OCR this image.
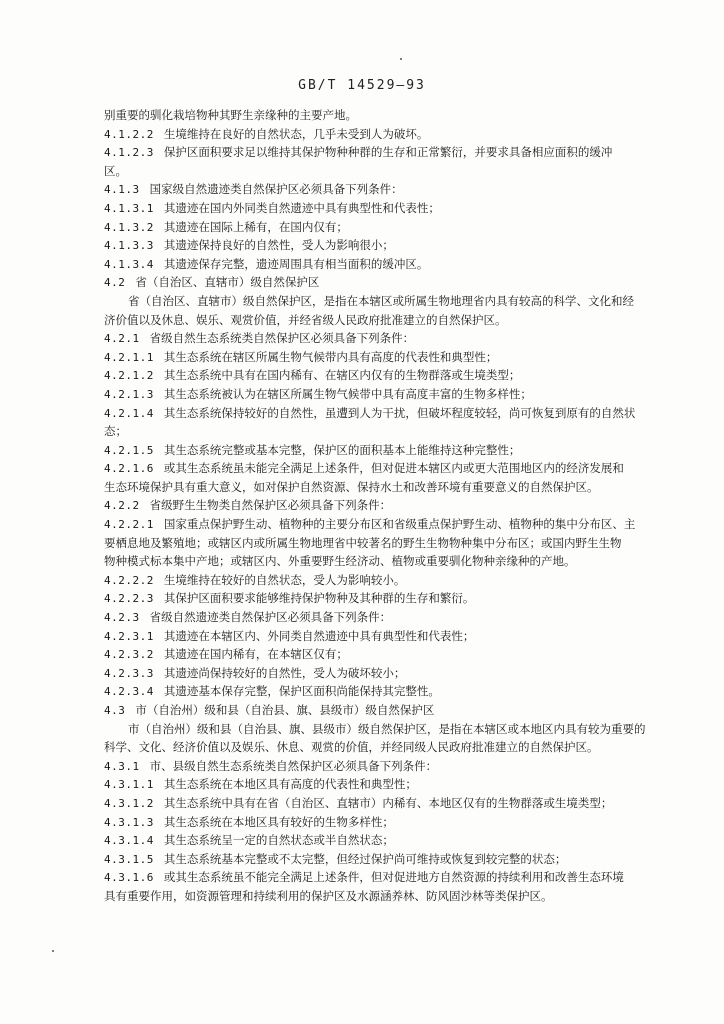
GB/T 14529—93
别重要的驯化栽培物种其野生亲缘种的主要产地。
4.1.2.2 生境维持在良好的自然状态，几乎未受到人为破坏。
4.1.2.3 保护区面积要求足以维持其保护物种种群的生存和正常繁衍，并要求具备相应面积的缓冲
区。
4.1.3 国家级自然遗迹类自然保护区必须具备下列条件：
4.1.3.1 其遗迹在国内外同类自然遗迹中具有典型性和代表性；
4.1.3.2 其遗迹在国际上稀有，在国内仅有；
4.1.3.3 其遗迹保持良好的自然性，受人为影响很小；
4.1.3.4 其遗迹保存完整，遗迹周围具有相当面积的缓冲区。
4.2 省（自治区、直辖市）级自然保护区
省（自治区、直辖市）级自然保护区，是指在本辖区或所属生物地理省内具有较高的科学、文化和经
济价值以及休息、娱乐、观赏价值，并经省级人民政府批准建立的自然保护区。
4.2.1 省级自然生态系统类自然保护区必须具备下列条件：
4.2.1.1 其生态系统在辖区所属生物气候带内具有高度的代表性和典型性；
4.2.1.2 其生态系统中具有在国内稀有、在辖区内仅有的生物群落或生境类型；
4.2.1.3 其生态系统被认为在辖区所属生物气候带中具有高度丰富的生物多样性；
4.2.1.4 其生态系统保持较好的自然性，虽遭到人为干扰，但破坏程度较轻，尚可恢复到原有的自然状
态；
4.2.1.5 其生态系统完整或基本完整，保护区的面积基本上能维持这种完整性；
4.2.1.6 或其生态系统虽未能完全满足上述条件，但对促进本辖区内或更大范围地区内的经济发展和
生态环境保护具有重大意义，如对保护自然资源、保持水土和改善环境有重要意义的自然保护区。
4.2.2 省级野生生物类自然保护区必须具备下列条件：
4.2.2.1 国家重点保护野生动、植物种的主要分布区和省级重点保护野生动、植物种的集中分布区、主
要栖息地及繁殖地；或辖区内或所属生物地理省中较著名的野生生物物种集中分布区；或国内野生生物
物种模式标本集中产地；或辖区内、外重要野生经济动、植物或重要驯化物种亲缘种的产地。
4.2.2.2 生境维持在较好的自然状态，受人为影响较小。
4.2.2.3 其保护区面积要求能够维持保护物种及其种群的生存和繁衍。
4.2.3 省级自然遗迹类自然保护区必须具备下列条件：
4.2.3.1 其遗迹在本辖区内、外同类自然遗迹中具有典型性和代表性；
4.2.3.2 其遗迹在国内稀有，在本辖区仅有；
4.2.3.3 其遗迹尚保持较好的自然性，受人为破坏较小；
4.2.3.4 其遗迹基本保存完整，保护区面积尚能保持其完整性。
4.3 市（自治州）级和县（自治县、旗、县级市）级自然保护区
市（自治州）级和县（自治县、旗、县级市）级自然保护区，是指在本辖区或本地区内具有较为重要的
科学、文化、经济价值以及娱乐、休息、观赏的价值，并经同级人民政府批准建立的自然保护区。
4.3.1 市、县级自然生态系统类自然保护区必须具备下列条件：
4.3.1.1 其生态系统在本地区具有高度的代表性和典型性；
4.3.1.2 其生态系统中具有在省（自治区、直辖市）内稀有、本地区仅有的生物群落或生境类型；
4.3.1.3 其生态系统在本地区具有较好的生物多样性；
4.3.1.4 其生态系统呈一定的自然状态或半自然状态；
4.3.1.5 其生态系统基本完整或不太完整，但经过保护尚可维持或恢复到较完整的状态；
4.3.1.6 或其生态系统虽不能完全满足上述条件，但对促进地方自然资源的持续利用和改善生态环境
具有重要作用，如资源管理和持续利用的保护区及水源涵养林、防风固沙林等类保护区。
